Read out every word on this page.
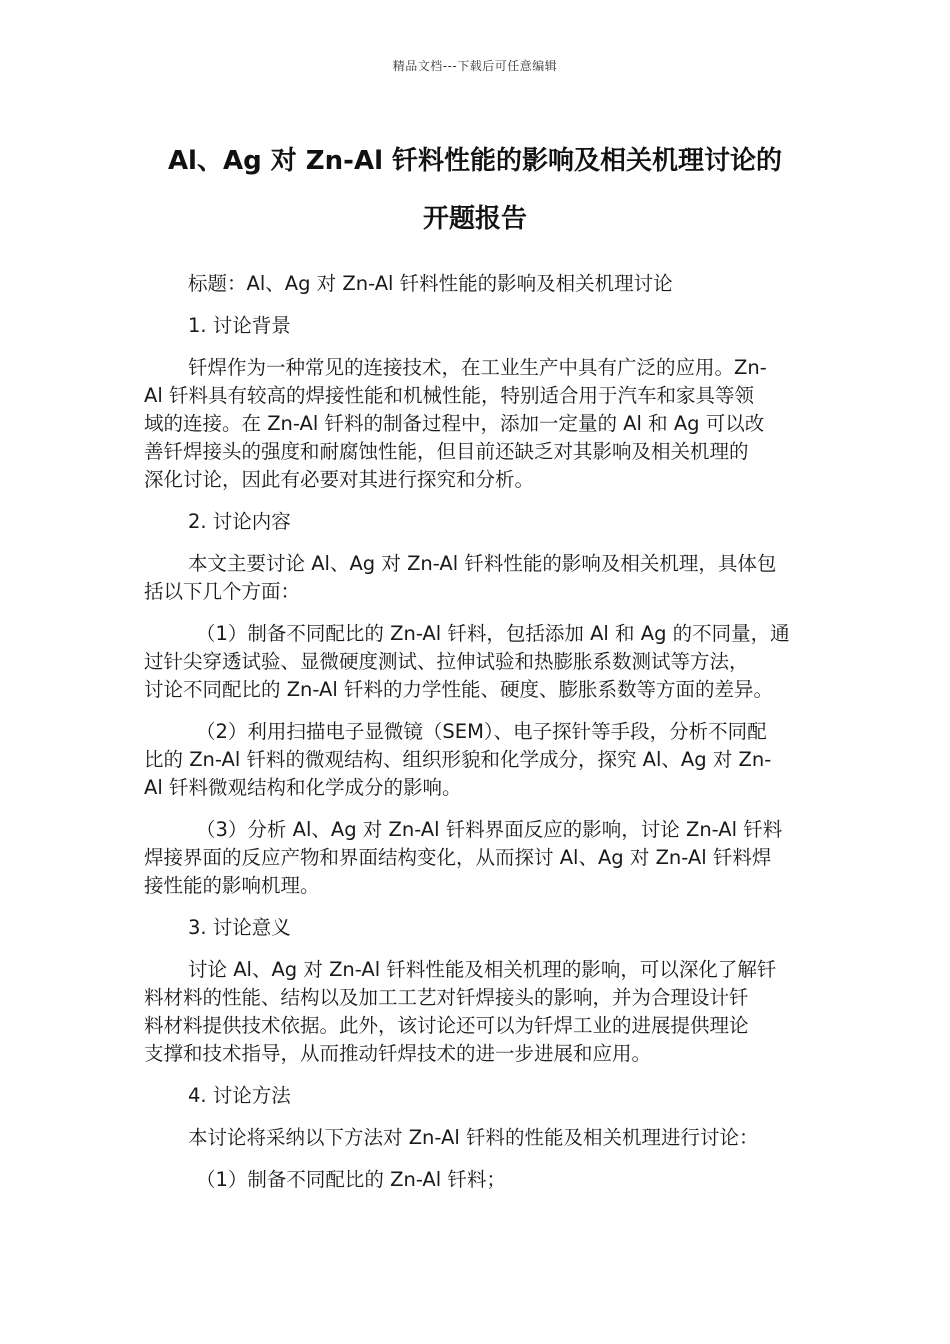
精品文档---下载后可任意编辑
Al、Ag 对 Zn-Al 钎料性能的影响及相关机理讨论的
开题报告

标题：Al、Ag 对 Zn-Al 钎料性能的影响及相关机理讨论

1. 讨论背景

钎焊作为一种常见的连接技术，在工业生产中具有广泛的应用。Zn-
Al 钎料具有较高的焊接性能和机械性能，特别适合用于汽车和家具等领
域的连接。在 Zn-Al 钎料的制备过程中，添加一定量的 Al 和 Ag 可以改
善钎焊接头的强度和耐腐蚀性能，但目前还缺乏对其影响及相关机理的
深化讨论，因此有必要对其进行探究和分析。

2. 讨论内容

本文主要讨论 Al、Ag 对 Zn-Al 钎料性能的影响及相关机理，具体包
括以下几个方面：

（1）制备不同配比的 Zn-Al 钎料，包括添加 Al 和 Ag 的不同量，通
过针尖穿透试验、显微硬度测试、拉伸试验和热膨胀系数测试等方法，
讨论不同配比的 Zn-Al 钎料的力学性能、硬度、膨胀系数等方面的差异。

（2）利用扫描电子显微镜（SEM）、电子探针等手段，分析不同配
比的 Zn-Al 钎料的微观结构、组织形貌和化学成分，探究 Al、Ag 对 Zn-
Al 钎料微观结构和化学成分的影响。

（3）分析 Al、Ag 对 Zn-Al 钎料界面反应的影响，讨论 Zn-Al 钎料
焊接界面的反应产物和界面结构变化，从而探讨 Al、Ag 对 Zn-Al 钎料焊
接性能的影响机理。

3. 讨论意义

讨论 Al、Ag 对 Zn-Al 钎料性能及相关机理的影响，可以深化了解钎
料材料的性能、结构以及加工工艺对钎焊接头的影响，并为合理设计钎
料材料提供技术依据。此外，该讨论还可以为钎焊工业的进展提供理论
支撑和技术指导，从而推动钎焊技术的进一步进展和应用。

4. 讨论方法

本讨论将采纳以下方法对 Zn-Al 钎料的性能及相关机理进行讨论：

（1）制备不同配比的 Zn-Al 钎料；
